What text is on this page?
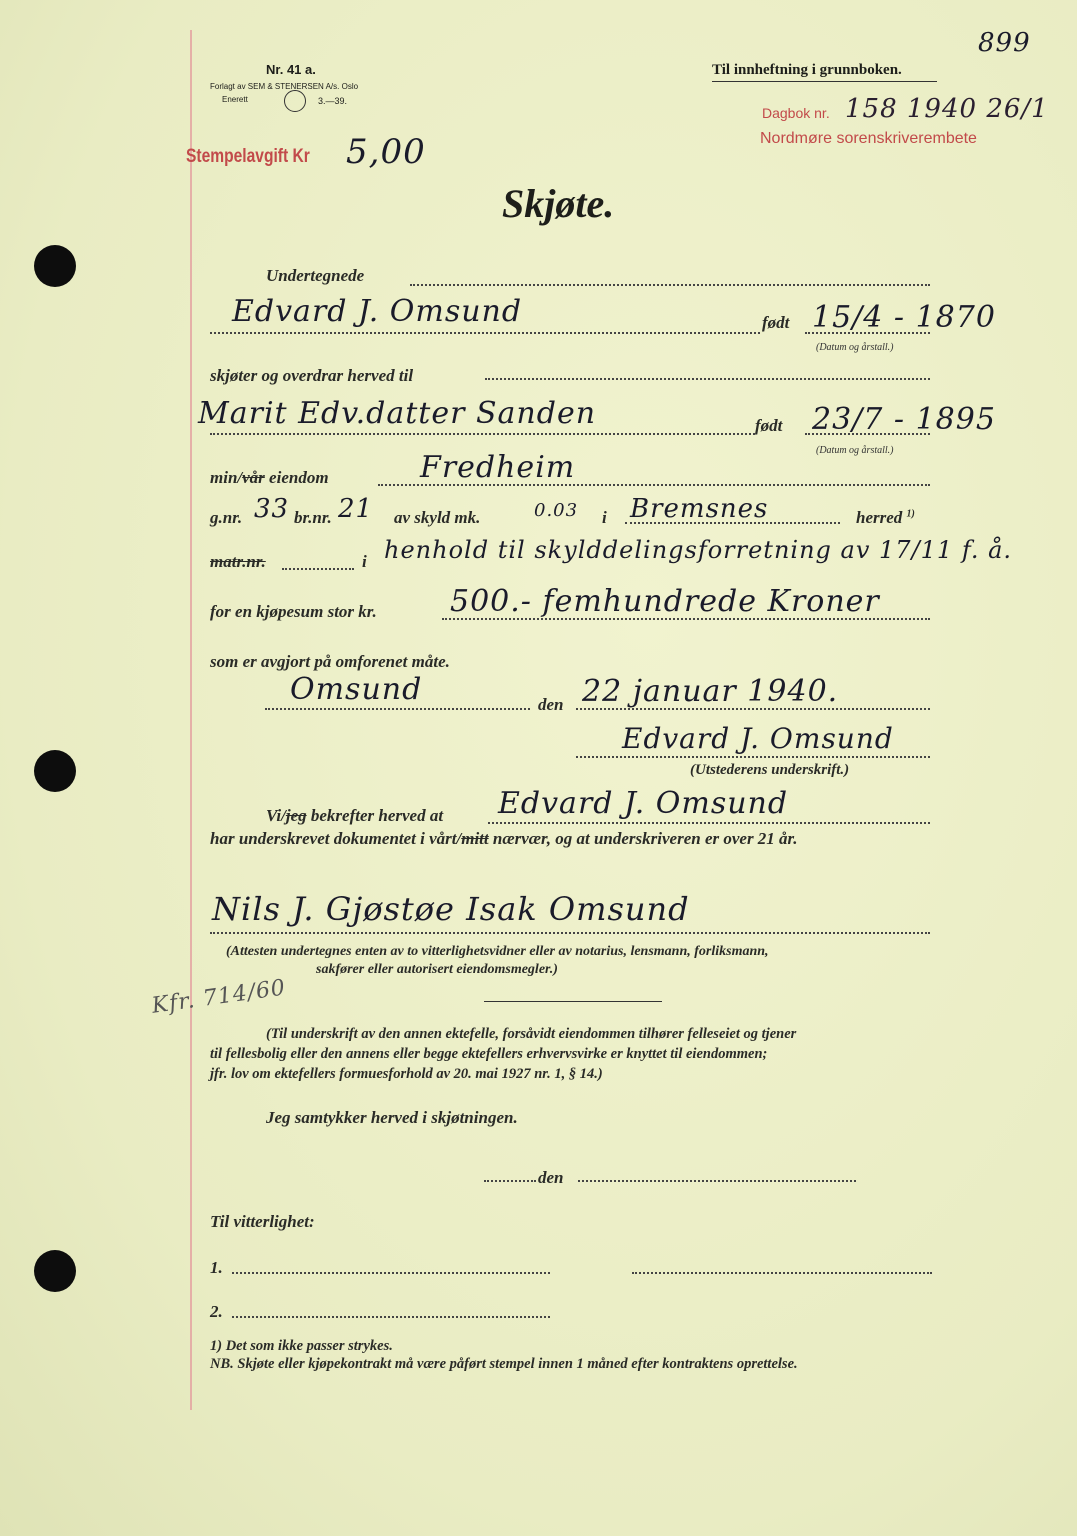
Nr. 41 a.
Forlagt av SEM & STENERSEN A/s. Oslo
Enerett	3.—39.
899
Til innheftning i grunnboken.
Dagbok nr. 158 1940 26/1
Nordmøre sorenskriverembete
Stempelavgift Kr 5,00
Skjøte.
Undertegnede
Edvard J. Omsund	født 15/4 - 1870
(Datum og årstall.)
skjøter og overdrar herved til
Marit Edv.datter Sanden	født 23/7 - 1895
(Datum og årstall.)
min/vår eiendom	Fredheim
g.nr. 33 br.nr. 21 av skyld mk.	0.03 i Bremsnes	herred $^{1)}$
matr.nr.	i henhold til skylddelingsforretning av 17/11 f. å.
for en kjøpesum stor kr. 500.- femhundrede Kroner
som er avgjort på omforenet måte.
Omsund	den 22 januar 1940.
Edvard J. Omsund
(Utstederens underskrift.)
Vi/jeg bekrefter herved at Edvard J. Omsund
har underskrevet dokumentet i vårt/mitt nærvær, og at underskriveren er over 21 år.
Nils J. Gjøstøe Isak Omsund
(Attesten undertegnes enten av to vitterlighetsvidner eller av notarius, lensmann, forliksmann,
sakfører eller autorisert eiendomsmegler.)
Kfr. 714/60
(Til underskrift av den annen ektefelle, forsåvidt eiendommen tilhører felleseiet og tjener
til fellesbolig eller den annens eller begge ektefellers erhvervsvirke er knyttet til eiendommen;
jfr. lov om ektefellers formuesforhold av 20. mai 1927 nr. 1, § 14.)
Jeg samtykker herved i skjøtningen.
den
Til vitterlighet:
1.
2.
1) Det som ikke passer strykes.
NB. Skjøte eller kjøpekontrakt må være påført stempel innen 1 måned efter kontraktens oprettelse.
